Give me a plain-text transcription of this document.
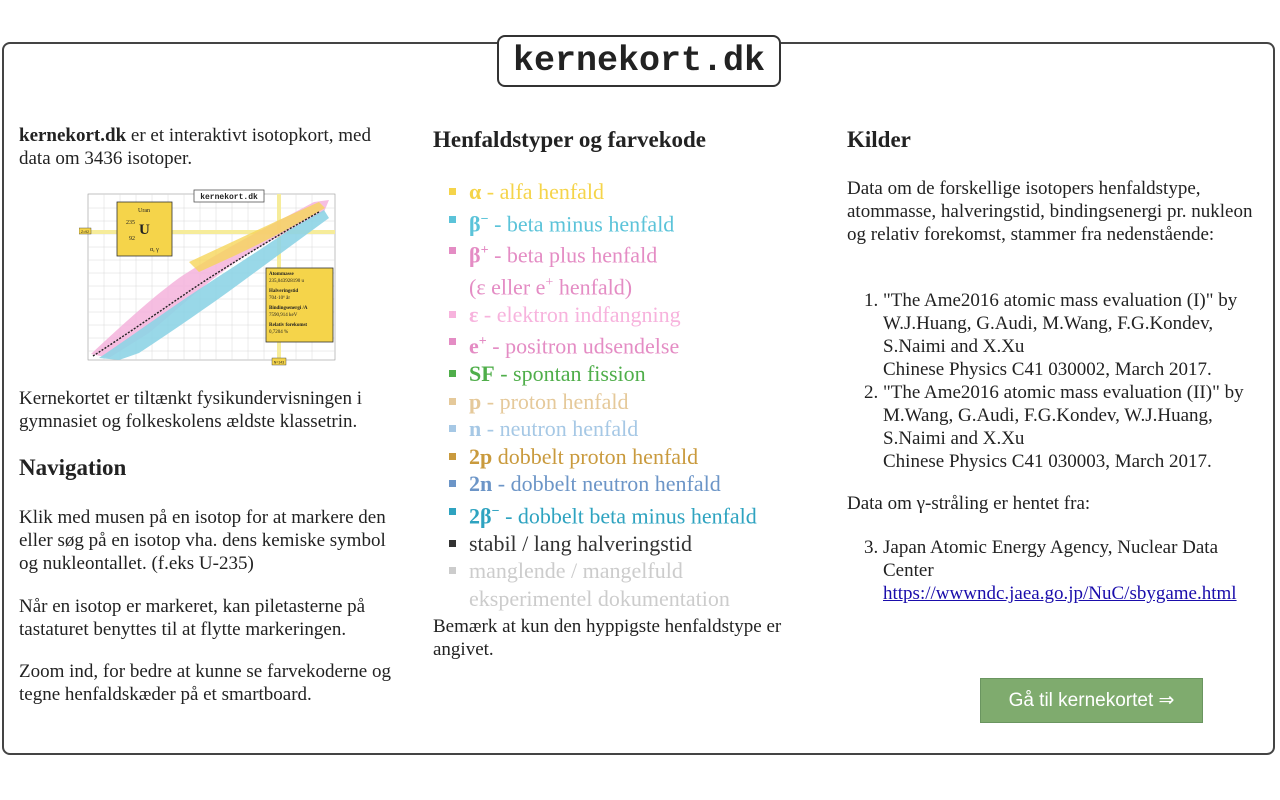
kernekort.dk

kernekort.dk er et interaktivt isotopkort, med data om 3436 isotoper.

kernekort.dk
Uran
235 U
92
α, γ
Atommasse
235,043928190 u
Halveringstid
704·10⁶ år
Bindingsenergi /A
7590,914 keV
Relativ forekomst
0,7204 %
Z=92
N=143

Kernekortet er tiltænkt fysikundervisningen i gymnasiet og folkeskolens ældste klassetrin.

Navigation

Klik med musen på en isotop for at markere den eller søg på en isotop vha. dens kemiske symbol og nukleontallet. (f.eks U-235)

Når en isotop er markeret, kan piletasterne på tastaturet benyttes til at flytte markeringen.

Zoom ind, for bedre at kunne se farvekoderne og tegne henfaldskæder på et smartboard.

Henfaldstyper og farvekode
α - alfa henfald
β− - beta minus henfald
β+ - beta plus henfald
(ε eller e+ henfald)
ε - elektron indfangning
e+ - positron udsendelse
SF - spontan fission
p - proton henfald
n - neutron henfald
2p dobbelt proton henfald
2n - dobbelt neutron henfald
2β− - dobbelt beta minus henfald
stabil / lang halveringstid
manglende / mangelfuld
eksperimentel dokumentation

Bemærk at kun den hyppigste henfaldstype er angivet.

Kilder

Data om de forskellige isotopers henfaldstype, atommasse, halveringstid, bindingsenergi pr. nukleon og relativ forekomst, stammer fra nedenstående:

1. "The Ame2016 atomic mass evaluation (I)" by W.J.Huang, G.Audi, M.Wang, F.G.Kondev, S.Naimi and X.Xu
Chinese Physics C41 030002, March 2017.
2. "The Ame2016 atomic mass evaluation (II)" by M.Wang, G.Audi, F.G.Kondev, W.J.Huang, S.Naimi and X.Xu
Chinese Physics C41 030003, March 2017.

Data om γ-stråling er hentet fra:

3. Japan Atomic Energy Agency, Nuclear Data Center
https://wwwndc.jaea.go.jp/NuC/sbygame.html
Gå til kernekortet ⇒
